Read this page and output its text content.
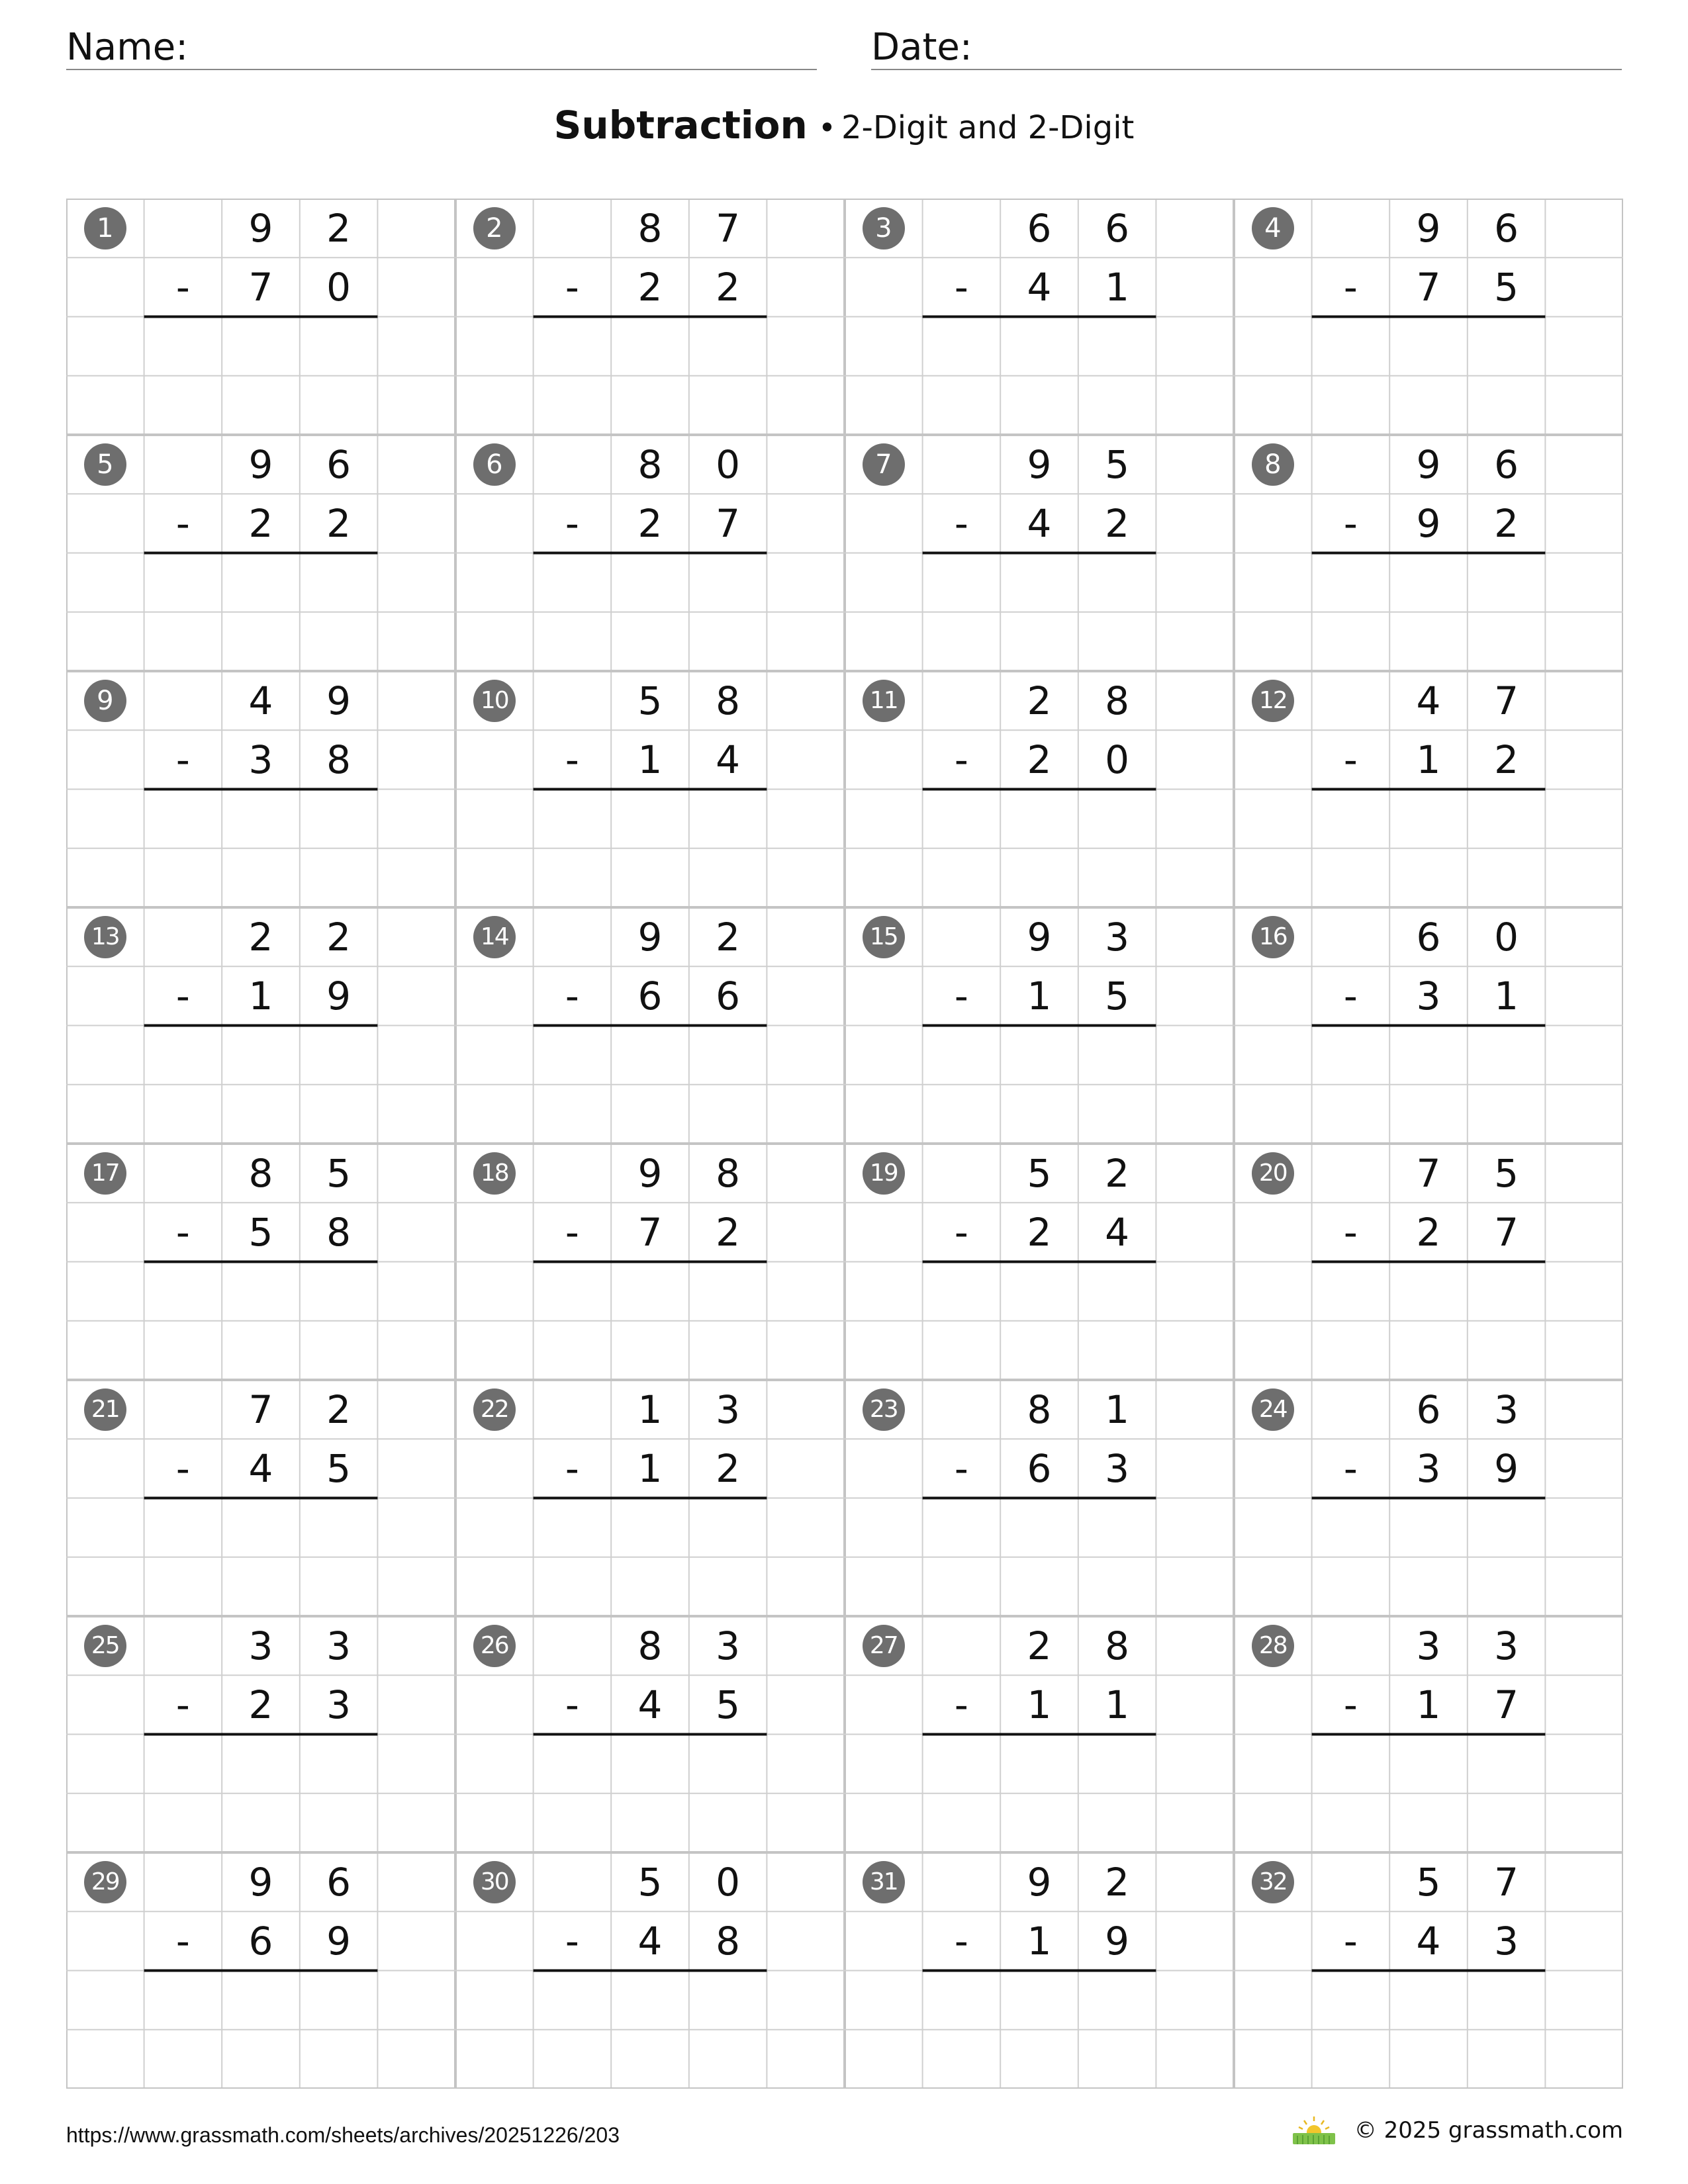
Name:	Date:
Subtraction • 2-Digit and 2-Digit
1	9	2
-	7	0
2	8	7
-	2	2
3	6	6
-	4	1
4	9	6
-	7	5
5	9	6
-	2	2
6	8	0
-	2	7
7	9	5
-	4	2
8	9	6
-	9	2
9	4	9
-	3	8
10	5	8
-	1	4
11	2	8
-	2	0
12	4	7
-	1	2
13	2	2
-	1	9
14	9	2
-	6	6
15	9	3
-	1	5
16	6	0
-	3	1
17	8	5
-	5	8
18	9	8
-	7	2
19	5	2
-	2	4
20	7	5
-	2	7
21	7	2
-	4	5
22	1	3
-	1	2
23	8	1
-	6	3
24	6	3
-	3	9
25	3	3
-	2	3
26	8	3
-	4	5
27	2	8
-	1	1
28	3	3
-	1	7
29	9	6
-	6	9
30	5	0
-	4	8
31	9	2
-	1	9
32	5	7
-	4	3
https://www.grassmath.com/sheets/archives/20251226/203	© 2025 grassmath.com
